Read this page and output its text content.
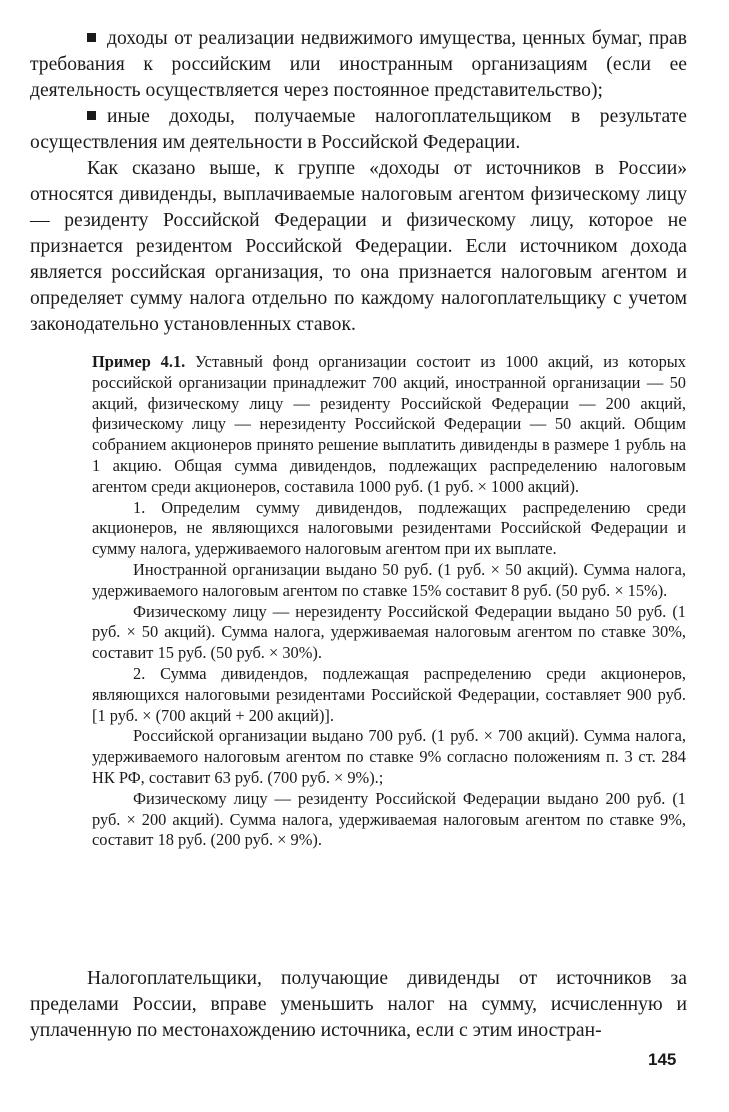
доходы от реализации недвижимого имущества, ценных бумаг, прав требования к российским или иностранным организациям (если ее деятельность осуществляется через постоянное представительство);

иные доходы, получаемые налогоплательщиком в результате осуществления им деятельности в Российской Федерации.

Как сказано выше, к группе «доходы от источников в России» относятся дивиденды, выплачиваемые налоговым агентом физическому лицу — резиденту Российской Федерации и физическому лицу, которое не признается резидентом Российской Федерации. Если источником дохода является российская организация, то она признается налоговым агентом и определяет сумму налога отдельно по каждому налогоплательщику с учетом законодательно установленных ставок.

Пример 4.1. Уставный фонд организации состоит из 1000 акций, из которых российской организации принадлежит 700 акций, иностранной организации — 50 акций, физическому лицу — резиденту Российской Федерации — 200 акций, физическому лицу — нерезиденту Российской Федерации — 50 акций. Общим собранием акционеров принято решение выплатить дивиденды в размере 1 рубль на 1 акцию. Общая сумма дивидендов, подлежащих распределению налоговым агентом среди акционеров, составила 1000 руб. (1 руб. × 1000 акций).

1. Определим сумму дивидендов, подлежащих распределению среди акционеров, не являющихся налоговыми резидентами Российской Федерации и сумму налога, удерживаемого налоговым агентом при их выплате.

Иностранной организации выдано 50 руб. (1 руб. × 50 акций). Сумма налога, удерживаемого налоговым агентом по ставке 15% составит 8 руб. (50 руб. × 15%).

Физическому лицу — нерезиденту Российской Федерации выдано 50 руб. (1 руб. × 50 акций). Сумма налога, удерживаемая налоговым агентом по ставке 30%, составит 15 руб. (50 руб. × 30%).

2. Сумма дивидендов, подлежащая распределению среди акционеров, являющихся налоговыми резидентами Российской Федерации, составляет 900 руб. [1 руб. × (700 акций + 200 акций)].

Российской организации выдано 700 руб. (1 руб. × 700 акций). Сумма налога, удерживаемого налоговым агентом по ставке 9% согласно положениям п. 3 ст. 284 НК РФ, составит 63 руб. (700 руб. × 9%).;

Физическому лицу — резиденту Российской Федерации выдано 200 руб. (1 руб. × 200 акций). Сумма налога, удерживаемая налоговым агентом по ставке 9%, составит 18 руб. (200 руб. × 9%).

Налогоплательщики, получающие дивиденды от источников за пределами России, вправе уменьшить налог на сумму, исчисленную и уплаченную по местонахождению источника, если с этим иностран-

145
